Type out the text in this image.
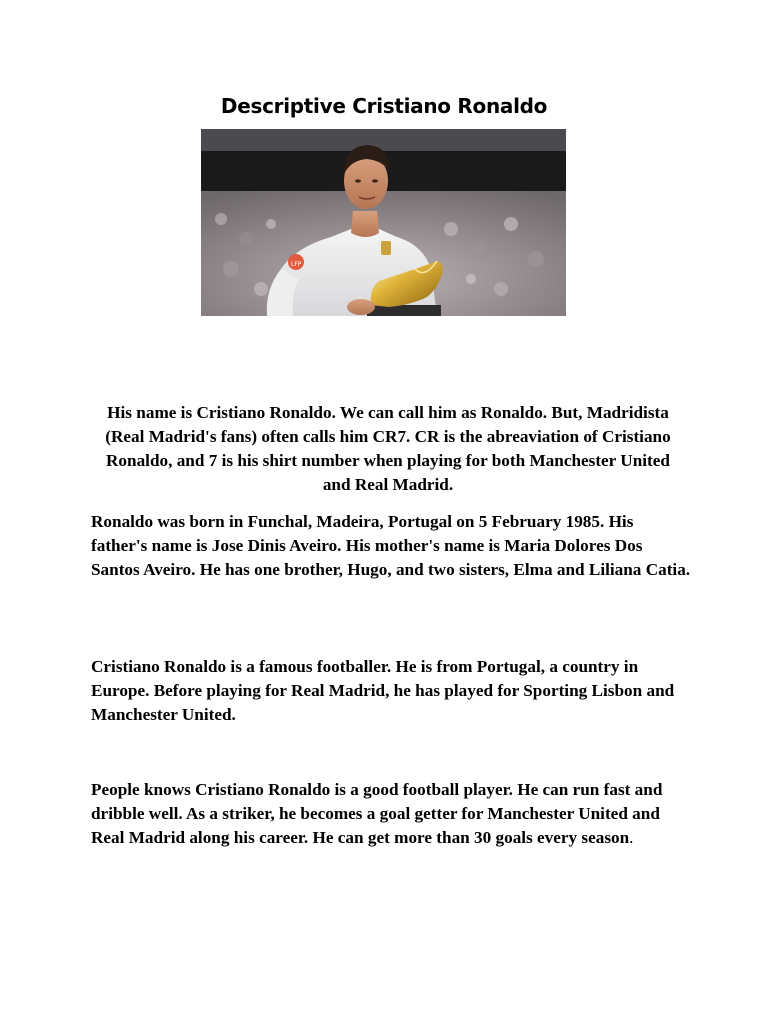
Descriptive Cristiano Ronaldo
LFP

His name is Cristiano Ronaldo. We can call him as Ronaldo. But, Madridista (Real Madrid's fans) often calls him CR7. CR is the abreaviation of Cristiano Ronaldo, and 7 is his shirt number when playing for both Manchester United and Real Madrid.

Ronaldo was born in Funchal, Madeira, Portugal on 5 February 1985. His father's name is Jose Dinis Aveiro. His mother's name is Maria Dolores Dos Santos Aveiro. He has one brother, Hugo, and two sisters, Elma and Liliana Catia.

Cristiano Ronaldo is a famous footballer. He is from Portugal, a country in Europe. Before playing for Real Madrid, he has played for Sporting Lisbon and Manchester United.

People knows Cristiano Ronaldo is a good football player. He can run fast and dribble well. As a striker, he becomes a goal getter for Manchester United and Real Madrid along his career. He can get more than 30 goals every season.
